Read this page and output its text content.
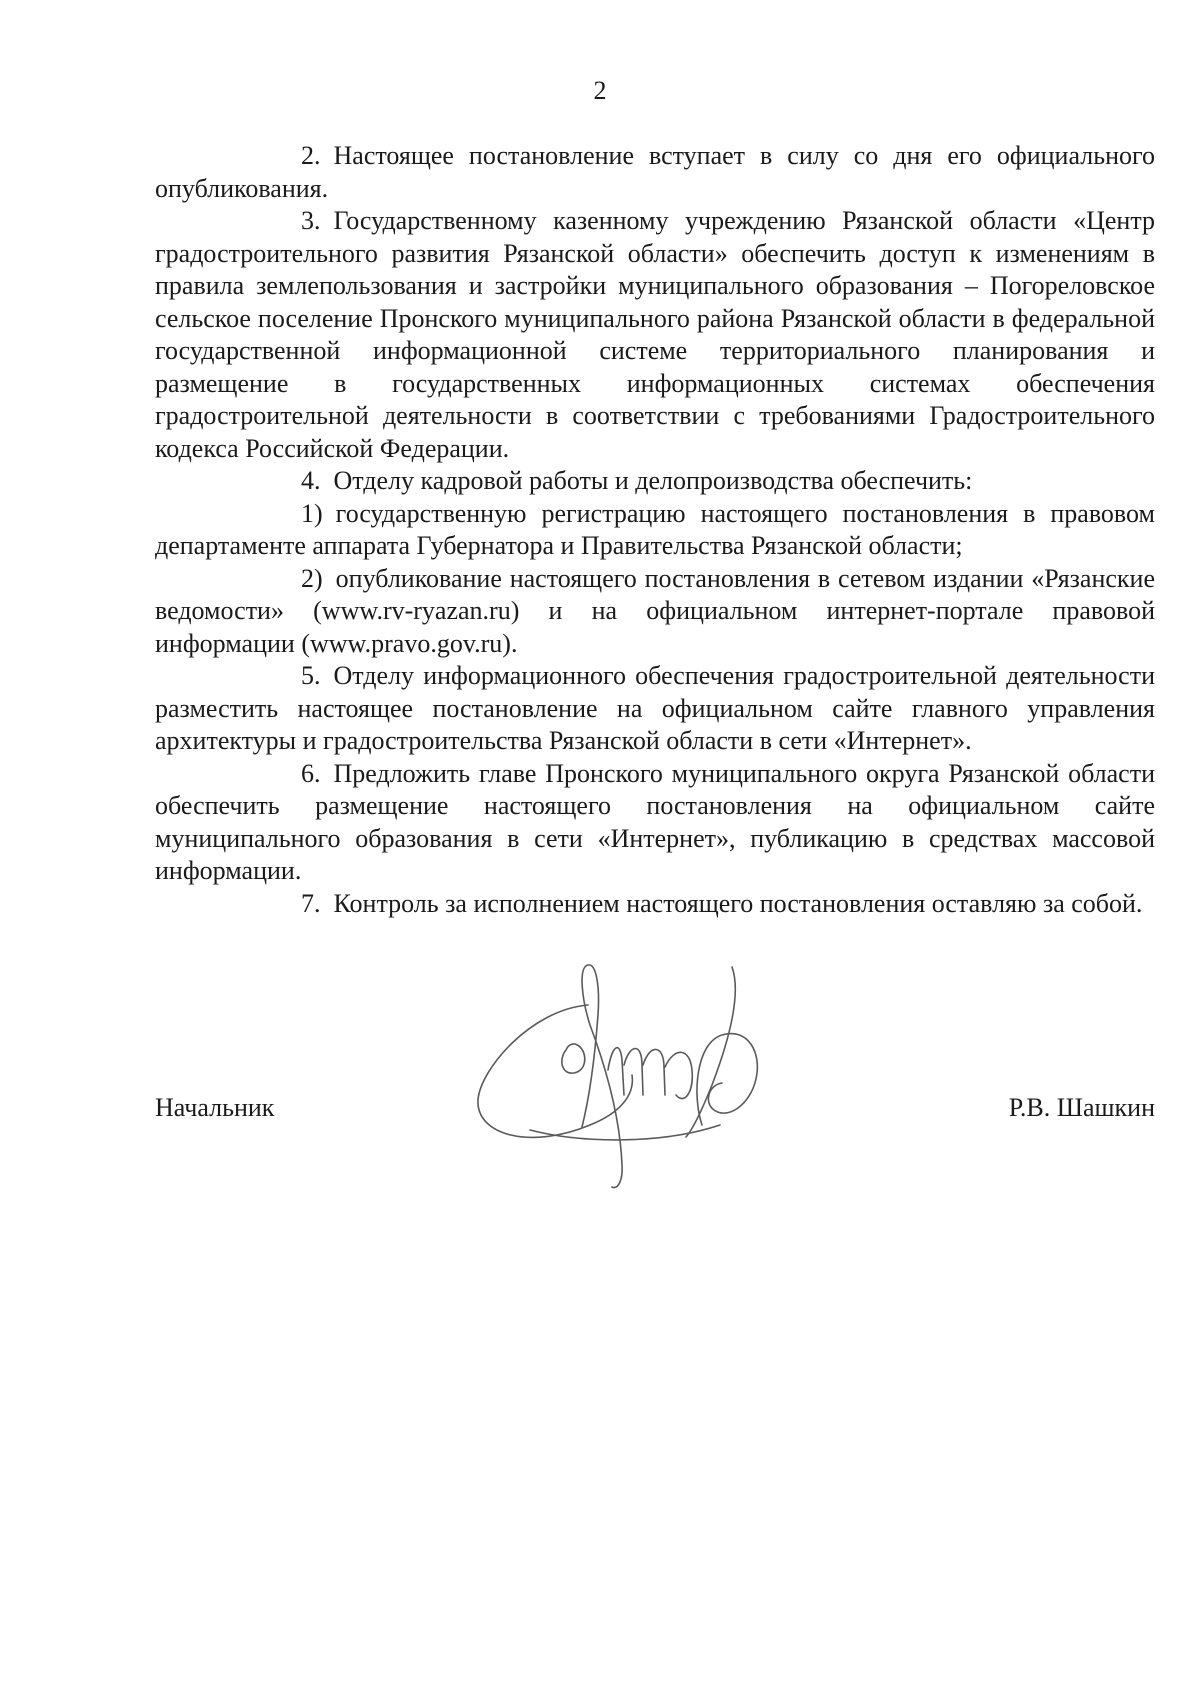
2

2. Настоящее постановление вступает в силу со дня его официального опубликования.

3. Государственному казенному учреждению Рязанской области «Центр градостроительного развития Рязанской области» обеспечить доступ к изменениям в правила землепользования и застройки муниципального образования – Погореловское сельское поселение Пронского муниципального района Рязанской области в федеральной государственной информационной системе территориального планирования и размещение в государственных информационных системах обеспечения градостроительной деятельности в соответствии с требованиями Градостроительного кодекса Российской Федерации.

4. Отделу кадровой работы и делопроизводства обеспечить:

1) государственную регистрацию настоящего постановления в правовом департаменте аппарата Губернатора и Правительства Рязанской области;

2) опубликование настоящего постановления в сетевом издании «Рязанские ведомости» (www.rv-ryazan.ru) и на официальном интернет-портале правовой информации (www.pravo.gov.ru).

5. Отделу информационного обеспечения градостроительной деятельности разместить настоящее постановление на официальном сайте главного управления архитектуры и градостроительства Рязанской области в сети «Интернет».

6. Предложить главе Пронского муниципального округа Рязанской области обеспечить размещение настоящего постановления на официальном сайте муниципального образования в сети «Интернет», публикацию в средствах массовой информации.

7. Контроль за исполнением настоящего постановления оставляю за собой.

Начальник	Р.В. Шашкин
